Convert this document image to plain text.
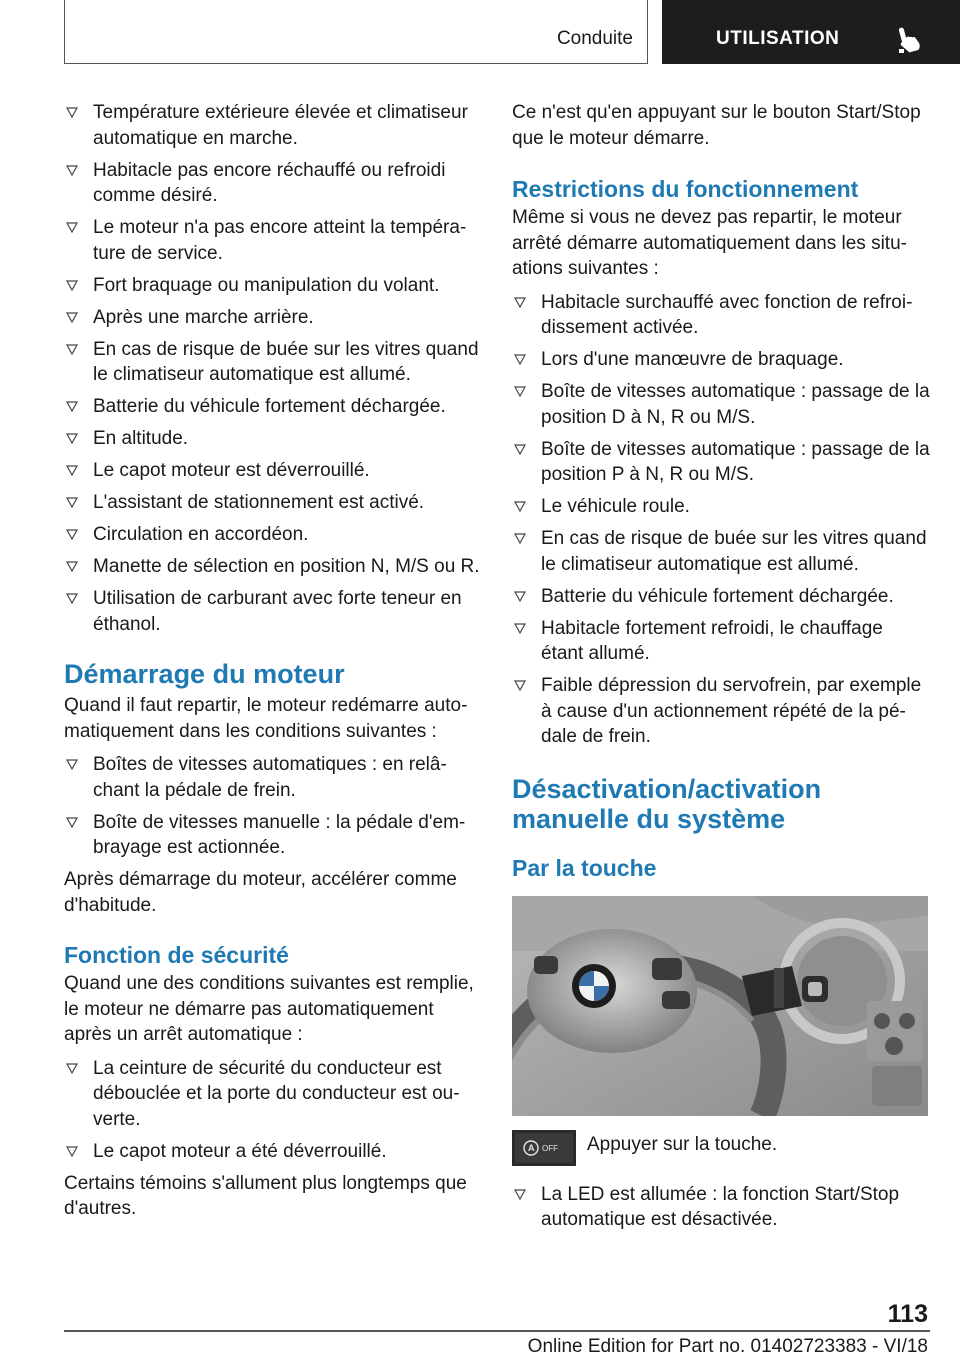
Conduite	UTILISATION
Température extérieure élevée et climatiseur automatique en marche.
Habitacle pas encore réchauffé ou refroidi comme désiré.
Le moteur n'a pas encore atteint la tempéra‐ ture de service.
Fort braquage ou manipulation du volant.
Après une marche arrière.
En cas de risque de buée sur les vitres quand le climatiseur automatique est allumé.
Batterie du véhicule fortement déchargée.
En altitude.
Le capot moteur est déverrouillé.
L'assistant de stationnement est activé.
Circulation en accordéon.
Manette de sélection en position N, M/S ou R.
Utilisation de carburant avec forte teneur en éthanol.
Démarrage du moteur

Quand il faut repartir, le moteur redémarre auto‐ matiquement dans les conditions suivantes :

Boîtes de vitesses automatiques : en relâ‐ chant la pédale de frein.
Boîte de vitesses manuelle : la pédale d'em‐ brayage est actionnée.

Après démarrage du moteur, accélérer comme d'habitude.

Fonction de sécurité

Quand une des conditions suivantes est remplie, le moteur ne démarre pas automatiquement après un arrêt automatique :

La ceinture de sécurité du conducteur est débouclée et la porte du conducteur est ou‐ verte.
Le capot moteur a été déverrouillé.

Certains témoins s'allument plus longtemps que d'autres.

Ce n'est qu'en appuyant sur le bouton Start/Stop que le moteur démarre.

Restrictions du fonctionnement

Même si vous ne devez pas repartir, le moteur arrêté démarre automatiquement dans les situ‐ ations suivantes :

Habitacle surchauffé avec fonction de refroi‐ dissement activée.
Lors d'une manœuvre de braquage.
Boîte de vitesses automatique : passage de la position D à N, R ou M/S.
Boîte de vitesses automatique : passage de la position P à N, R ou M/S.
Le véhicule roule.
En cas de risque de buée sur les vitres quand le climatiseur automatique est allumé.
Batterie du véhicule fortement déchargée.
Habitacle fortement refroidi, le chauffage étant allumé.
Faible dépression du servofrein, par exemple à cause d'un actionnement répété de la pé‐ dale de frein.
Désactivation/activation manuelle du système
Par la touche
A OFF Appuyer sur la touche.

La LED est allumée : la fonction Start/Stop automatique est désactivée.
113
Online Edition for Part no. 01402723383 - VI/18
